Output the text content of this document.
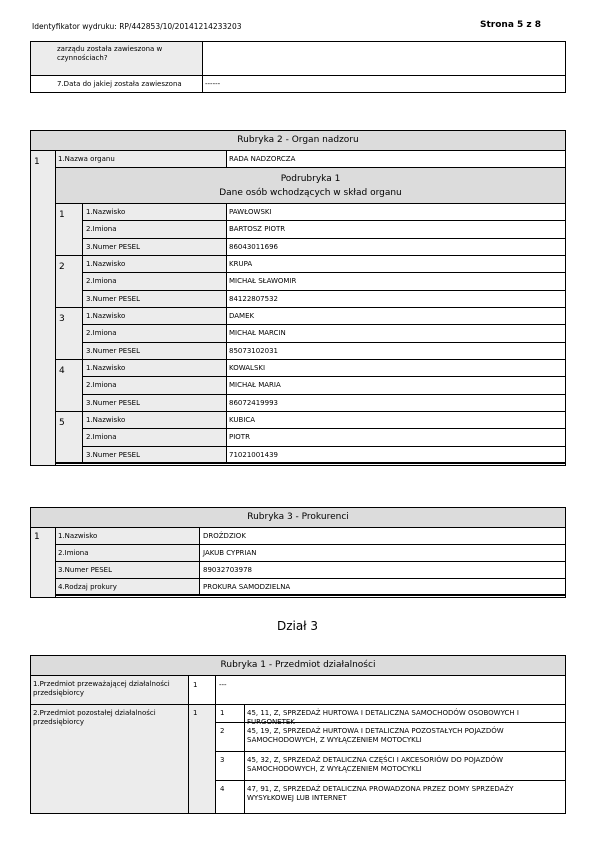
Identyfikator wydruku: RP/442853/10/20141214233203	Strona 5 z 8
zarządu została zawieszona w czynnościach?
7.Data do jakiej została zawieszona	------
Rubryka 2 - Organ nadzoru
1	1.Nazwa organu	RADA NADZORCZA
Podrubryka 1
Dane osób wchodzących w skład organu
1	1.Nazwisko	PAWŁOWSKI
2.Imiona	BARTOSZ PIOTR
3.Numer PESEL	86043011696
2	1.Nazwisko	KRUPA
2.Imiona	MICHAŁ SŁAWOMIR
3.Numer PESEL	84122807532
3	1.Nazwisko	DAMEK
2.Imiona	MICHAŁ MARCIN
3.Numer PESEL	85073102031
4	1.Nazwisko	KOWALSKI
2.Imiona	MICHAŁ MARIA
3.Numer PESEL	86072419993
5	1.Nazwisko	KUBICA
2.Imiona	PIOTR
3.Numer PESEL	71021001439
Rubryka 3 - Prokurenci
1	1.Nazwisko	DROŹDZIOK
2.Imiona	JAKUB CYPRIAN
3.Numer PESEL	89032703978
4.Rodzaj prokury	PROKURA SAMODZIELNA
Dział 3
Rubryka 1 - Przedmiot działalności
1.Przedmiot przeważającej działalności przedsiębiorcy
1	---
2.Przedmiot pozostałej działalności przedsiębiorcy
1	1	45, 11, Z, SPRZEDAŻ HURTOWA I DETALICZNA SAMOCHODÓW OSOBOWYCH I FURGONETEK
2	45, 19, Z, SPRZEDAŻ HURTOWA I DETALICZNA POZOSTAŁYCH POJAZDÓW SAMOCHODOWYCH, Z WYŁĄCZENIEM MOTOCYKLI
3	45, 32, Z, SPRZEDAŻ DETALICZNA CZĘŚCI I AKCESORIÓW DO POJAZDÓW SAMOCHODOWYCH, Z WYŁĄCZENIEM MOTOCYKLI
4	47, 91, Z, SPRZEDAŻ DETALICZNA PROWADZONA PRZEZ DOMY SPRZEDAŻY WYSYŁKOWEJ LUB INTERNET
